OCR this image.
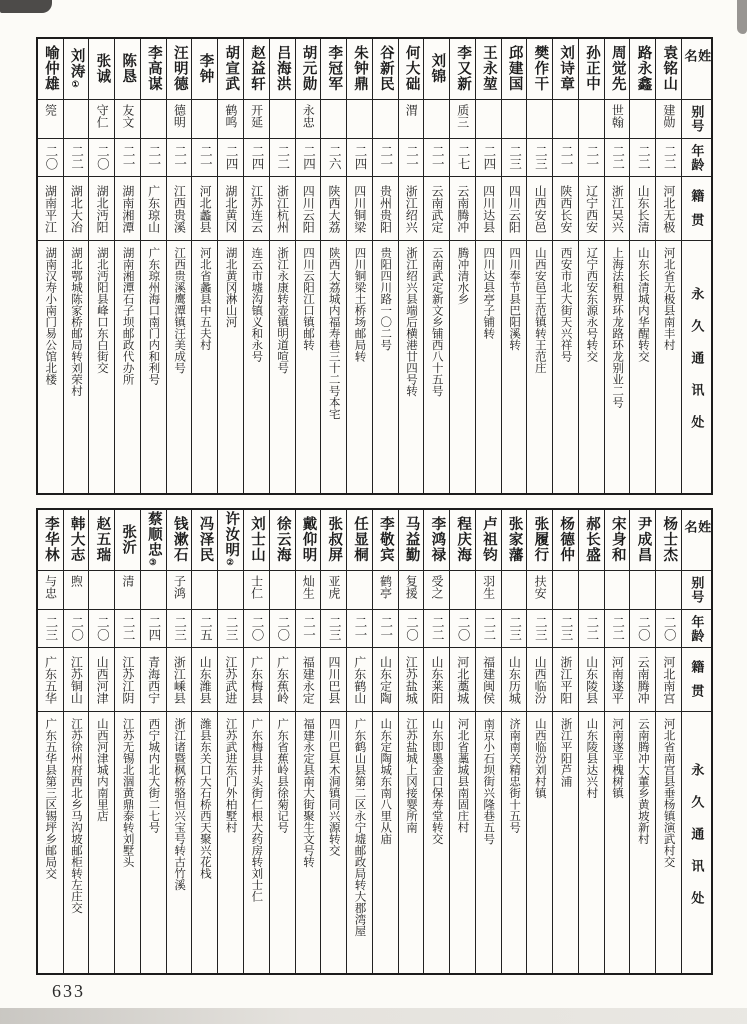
姓名
别号
年龄
籍贯
永久通讯处
袁铭山
建勋
二二
河北无极
河北省无极县南丰村
路永鑫
二二
山东长清
山东长清城内华醒转交
周觉先
世翰
二二
浙江吴兴
上海法租界环龙路环龙别业二号
孙正中
二一
辽宁西安
辽宁西安东源永号转交
刘诗章
二一
陕西长安
西安市北大街天兴祥号
樊作干
二三
山西安邑
山西安邑王范镇转王范庄
邱建国
二三
四川云阳
四川奉节县巴阳溪转
王永堃
二四
四川达县
四川达县亭子铺转
李又新
质三
二七
云南腾冲
腾冲清水乡
刘锦
二一
云南武定
云南武定新文乡铺西八十五号
何大础
渭
二一
浙江绍兴
浙江绍兴县端后横港廿四号转
谷新民
二一
贵州贵阳
贵阳四川路一〇二号
朱钟鼎
二四
四川铜梁
四川铜梁土桥场邮局转
李冠军
二六
陕西大荔
陕西大荔城内福寿巷三十二号本宅
胡元勋
永忠
二四
四川云阳
四川云阳江口镇邮转
吕海洪
二二
浙江杭州
浙江永康转壶镇明道喧号
赵益轩
开延
二四
江苏连云
连云市墟沟镇义和永号
胡宣武
鹤鸣
二四
湖北黄冈
湖北黄冈淋山河
李钟
二一
河北蠡县
河北省蠡县中五夫村
汪明德
德明
二一
江西贵溪
江西贵溪鹰潭镇汪美成号
李高谋
二一
广东琼山
广东琼州海口南门内和利号
陈恳
友文
二一
湖南湘潭
湖南湘潭石子坝邮政代办所
张诚
守仁
二〇
湖北沔阳
湖北沔阳县峰口东白街交
刘涛
①
二二
湖北大冶
湖北鄂城陈家桥邮局转刘荣村
喻仲雄
筦
二〇
湖南平江
湖南汉寿小南门易公馆北楼
姓名
别号
年龄
籍贯
永久通讯处
杨士杰
二〇
河北南宫
河北省南宫县垂杨镇演武村交
尹成昌
二〇
云南腾冲
云南腾冲大董乡黄坡新村
宋身和
二二
河南遂平
河南遂平槐树镇
郝长盛
二二
山东陵县
山东陵县达兴村
杨德仲
二三
浙江平阳
浙江平阳芦浦
张履行
扶安
二三
山西临汾
山西临汾刘村镇
张家藩
二三
山东历城
济南南关精忠街十五号
卢祖钧
羽生
二二
福建闽侯
南京小石坝街兴隆巷五号
程庆海
二〇
河北藁城
河北省藁城县南固庄村
李鸿禄
受之
二二
山东莱阳
山东即墨金口保寿堂转交
马益勤
复援
二〇
江苏盐城
江苏盐城上冈接婴所南
李敬宾
鹤亭
二一
山东定陶
山东定陶城东南八里从庙
任显桐
二一
广东鹤山
广东鹤山县第二区永宁墟邮政局转大郡湾屋
张叔屏
亚虎
二三
四川巴县
四川巴县木洞镇同兴源转交
戴仰明
灿生
二一
福建永定
福建永定县南大街聚生文号转
徐云海
二〇
广东蕉岭
广东省蕉岭县徐菊记号
刘士山
士仁
二〇
广东梅县
广东梅县井头街仁根大药房转刘士仁
许汝明
②
二三
江苏武进
江苏武进东门外柏墅村
冯泽民
二五
山东潍县
潍县东关口大石桥西天聚兴花栈
钱漱石
子鸿
二三
浙江嵊县
浙江诸暨枫桥骆恒兴宝号转古竹溪
蔡顺忠
③
二四
青海西宁
西宁城内北大街二七号
张沂
清
二二
江苏江阴
江苏无锡北涸黄鼎泰转刘墅头
赵五瑞
二〇
山西河津
山西河津城内南里店
韩大志
煦
二〇
江苏铜山
江苏徐州府西北乡马沟坡邮柜转左庄交
李华林
与忠
二三
广东五华
广东五华县第三区锡坪乡邮局交
633
